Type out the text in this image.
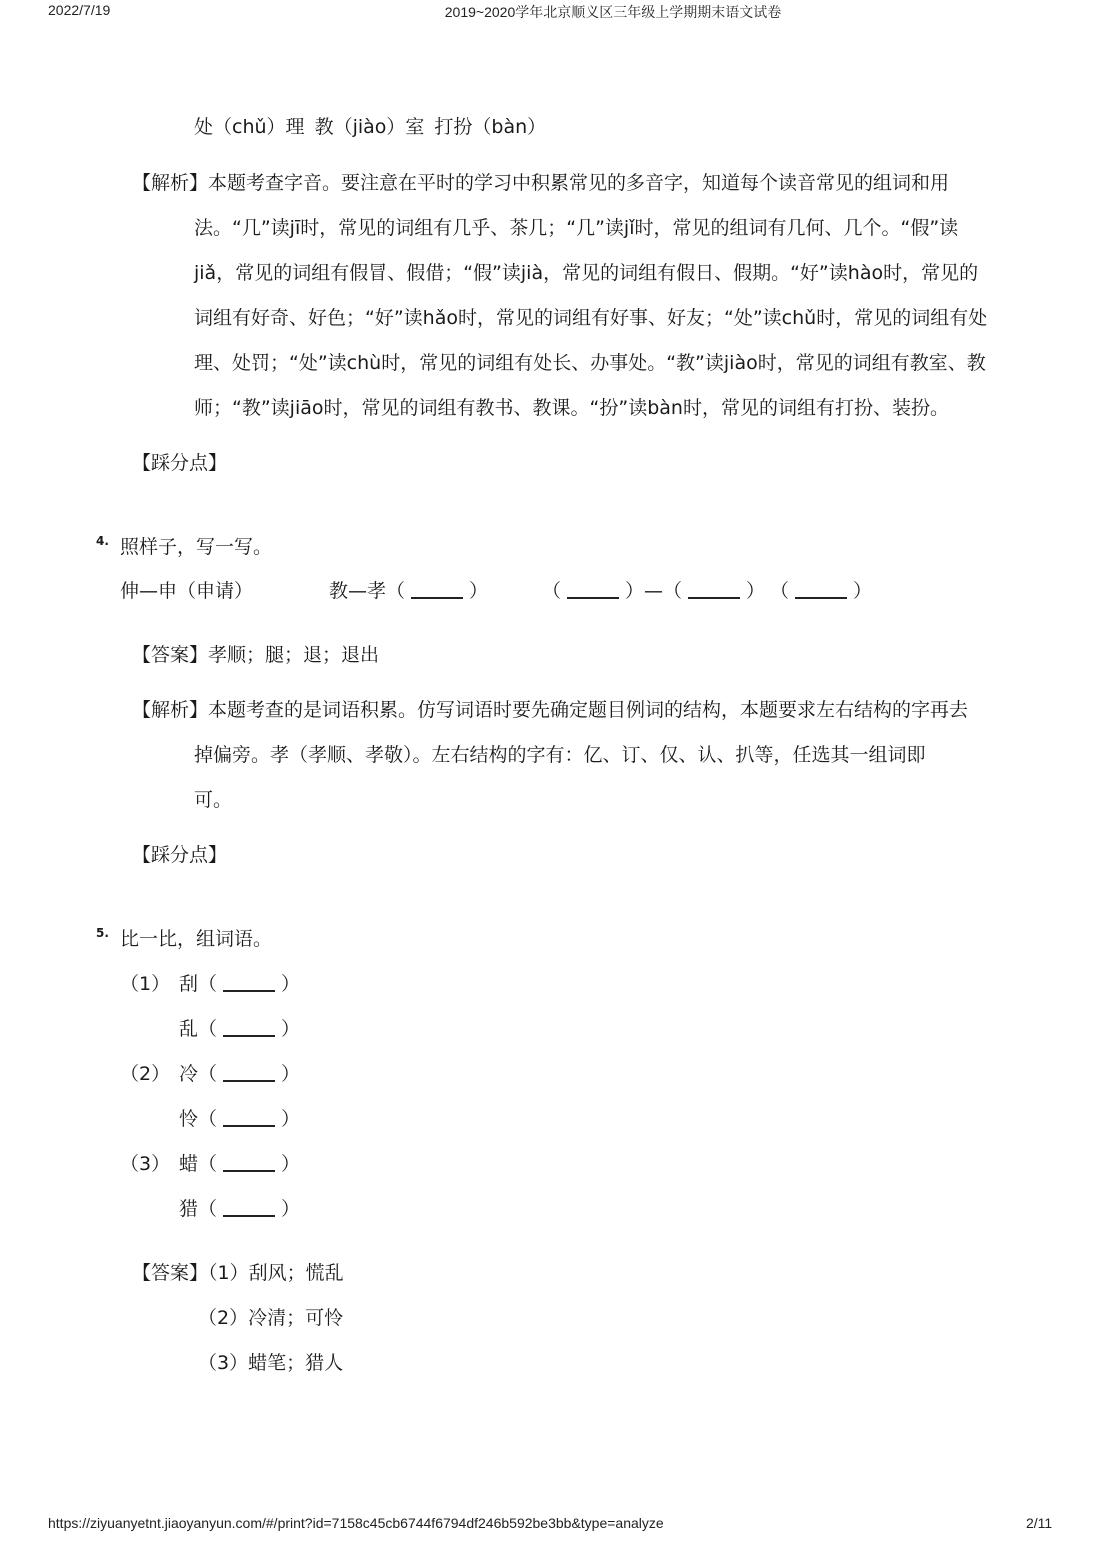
2022/7/19	2019~2020学年北京顺义区三年级上学期期末语文试卷
处（chǔ）理 教（jiào）室 打扮（bàn）
【解析】本题考查字音。要注意在平时的学习中积累常见的多音字，知道每个读音常见的组词和用
法。“几”读jī时，常见的词组有几乎、茶几；“几”读jǐ时，常见的组词有几何、几个。“假”读
jiǎ，常见的词组有假冒、假借；“假”读jià，常见的词组有假日、假期。“好”读hào时，常见的
词组有好奇、好色；“好”读hǎo时，常见的词组有好事、好友；“处”读chǔ时，常见的词组有处
理、处罚；“处”读chù时，常见的词组有处长、办事处。“教”读jiào时，常见的词组有教室、教
师；“教”读jiāo时，常见的词组有教书、教课。“扮”读bàn时，常见的词组有打扮、装扮。
【踩分点】
4. 照样子，写一写。
伸—申（申请）	教—孝（	）	（	）—（	） （	）
【答案】孝顺；腿；退；退出
【解析】本题考查的是词语积累。仿写词语时要先确定题目例词的结构，本题要求左右结构的字再去
掉偏旁。孝（孝顺、孝敬）。左右结构的字有：亿、订、仅、认、扒等，任选其一组词即
可。
【踩分点】
5. 比一比，组词语。
（1） 刮（	）
乱（	）
（2） 冷（	）
怜（	）
（3） 蜡（	）
猎（	）
【答案】（1）刮风；慌乱
（2）冷清；可怜
（3）蜡笔；猎人
https://ziyuanyetnt.jiaoyanyun.com/#/print?id=7158c45cb6744f6794df246b592be3bb&type=analyze	2/11
